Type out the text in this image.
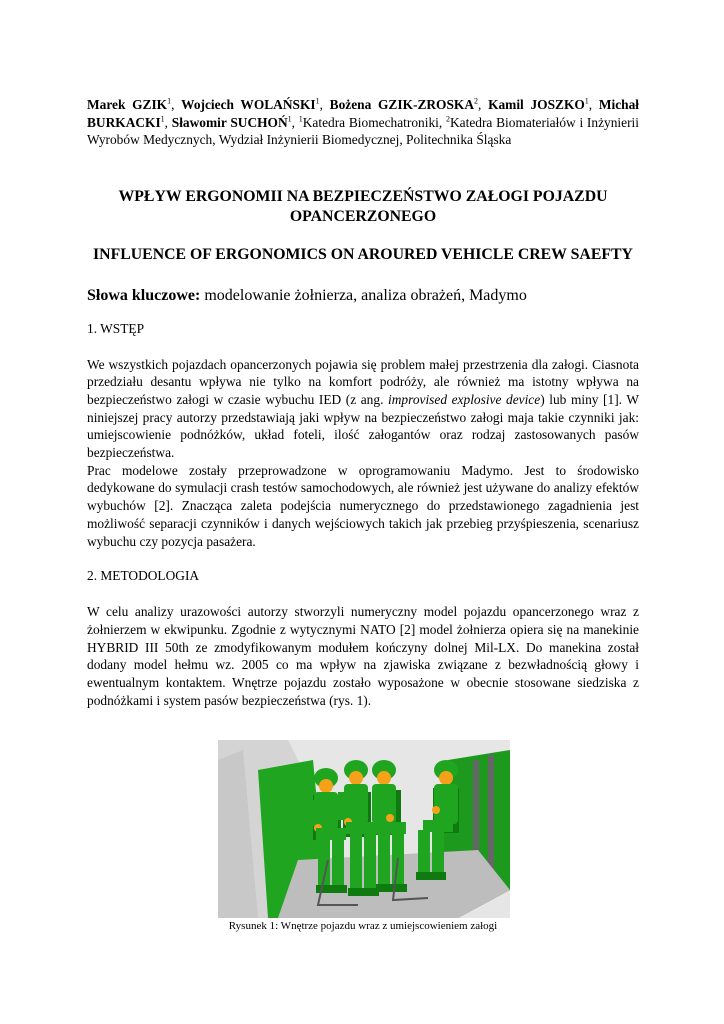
Marek GZIK$^1$, Wojciech WOLAŃSKI$^1$, Bożena GZIK-ZROSKA$^2$, Kamil JOSZKO$^1$, Michał BURKACKI$^1$, Sławomir SUCHOŃ$^1$, $^1$Katedra Biomechatroniki, $^2$Katedra Biomateriałów i Inżynierii Wyrobów Medycznych, Wydział Inżynierii Biomedycznej, Politechnika Śląska

WPŁYW ERGONOMII NA BEZPIECZEŃSTWO ZAŁOGI POJAZDU OPANCERZONEGO

INFLUENCE OF ERGONOMICS ON AROURED VEHICLE CREW SAEFTY

Słowa kluczowe: modelowanie żołnierza, analiza obrażeń, Madymo
1. WSTĘP

We wszystkich pojazdach opancerzonych pojawia się problem małej przestrzenia dla załogi. Ciasnota przedziału desantu wpływa nie tylko na komfort podróży, ale również ma istotny wpływa na bezpieczeństwo załogi w czasie wybuchu IED (z ang. improvised explosive device) lub miny [1]. W niniejszej pracy autorzy przedstawiają jaki wpływ na bezpieczeństwo załogi maja takie czynniki jak: umiejscowienie podnóżków, układ foteli, ilość załogantów oraz rodzaj zastosowanych pasów bezpieczeństwa.

Prac modelowe zostały przeprowadzone w oprogramowaniu Madymo. Jest to środowisko dedykowane do symulacji crash testów samochodowych, ale również jest używane do analizy efektów wybuchów [2]. Znacząca zaleta podejścia numerycznego do przedstawionego zagadnienia jest możliwość separacji czynników i danych wejściowych takich jak przebieg przyśpieszenia, scenariusz wybuchu czy pozycja pasażera.

2. METODOLOGIA

W celu analizy urazowości autorzy stworzyli numeryczny model pojazdu opancerzonego wraz z żołnierzem w ekwipunku. Zgodnie z wytycznymi NATO [2] model żołnierza opiera się na manekinie HYBRID III 50th ze zmodyfikowanym modułem kończyny dolnej Mil-LX. Do manekina został dodany model hełmu wz. 2005 co ma wpływ na zjawiska związane z bezwładnością głowy i ewentualnym kontaktem. Wnętrze pojazdu zostało wyposażone w obecnie stosowane siedziska z podnóżkami i system pasów bezpieczeństwa (rys. 1).

Rysunek 1: Wnętrze pojazdu wraz z umiejscowieniem załogi
